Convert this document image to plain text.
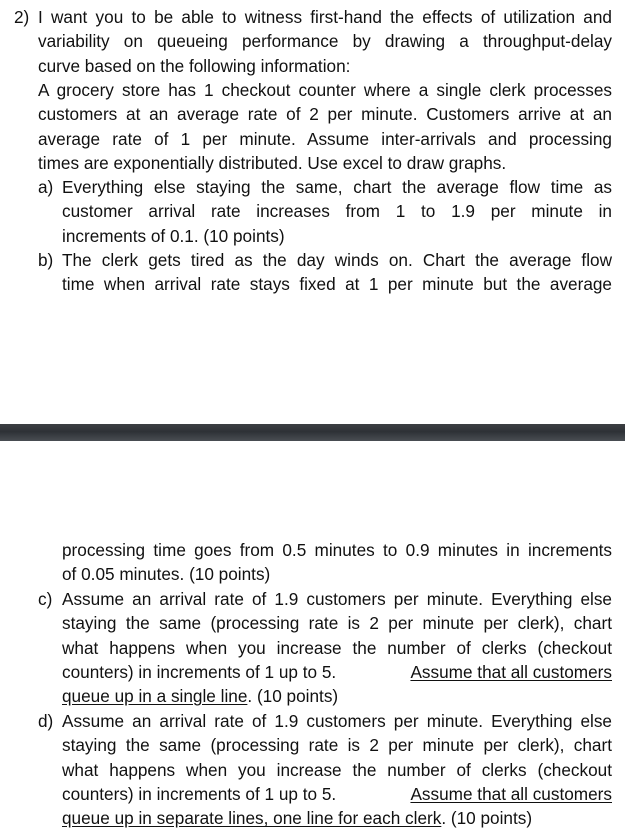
2) I want you to be able to witness first-hand the effects of utilization and
variability on queueing performance by drawing a throughput-delay
curve based on the following information:
A grocery store has 1 checkout counter where a single clerk processes
customers at an average rate of 2 per minute. Customers arrive at an
average rate of 1 per minute. Assume inter-arrivals and processing
times are exponentially distributed. Use excel to draw graphs.
a) Everything else staying the same, chart the average flow time as
customer arrival rate increases from 1 to 1.9 per minute in
increments of 0.1. (10 points)
b) The clerk gets tired as the day winds on. Chart the average flow
time when arrival rate stays fixed at 1 per minute but the average
processing time goes from 0.5 minutes to 0.9 minutes in increments
of 0.05 minutes. (10 points)
c) Assume an arrival rate of 1.9 customers per minute. Everything else
staying the same (processing rate is 2 per minute per clerk), chart
what happens when you increase the number of clerks (checkout
counters) in increments of 1 up to 5.	Assume that all customers
queue up in a single line. (10 points)
d) Assume an arrival rate of 1.9 customers per minute. Everything else
staying the same (processing rate is 2 per minute per clerk), chart
what happens when you increase the number of clerks (checkout
counters) in increments of 1 up to 5.	Assume that all customers
queue up in separate lines, one line for each clerk. (10 points)
